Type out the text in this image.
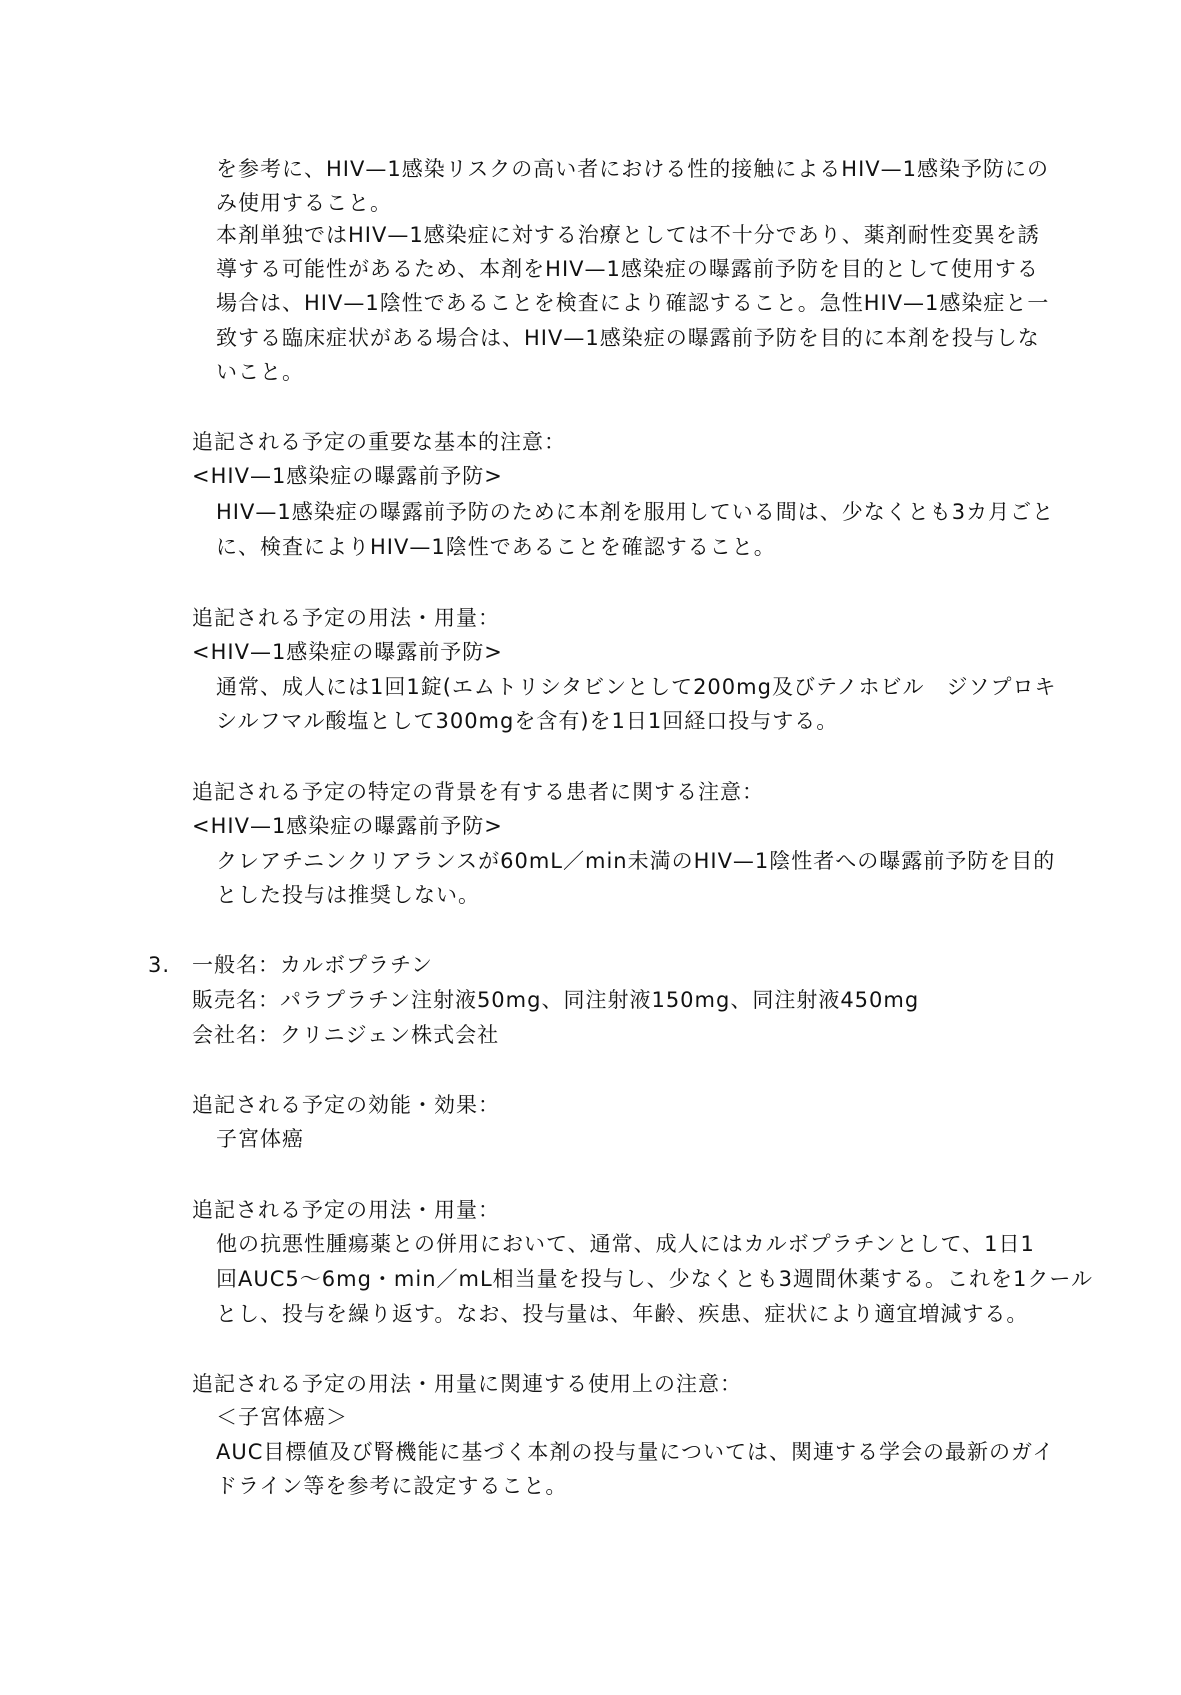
を参考に、HIV—1感染リスクの高い者における性的接触によるHIV—1感染予防にの
み使用すること。
本剤単独ではHIV—1感染症に対する治療としては不十分であり、薬剤耐性変異を誘
導する可能性があるため、本剤をHIV—1感染症の曝露前予防を目的として使用する
場合は、HIV—1陰性であることを検査により確認すること。急性HIV—1感染症と一
致する臨床症状がある場合は、HIV—1感染症の曝露前予防を目的に本剤を投与しな
いこと。
追記される予定の重要な基本的注意：
<HIV—1感染症の曝露前予防>
HIV—1感染症の曝露前予防のために本剤を服用している間は、少なくとも3カ月ごと
に、検査によりHIV—1陰性であることを確認すること。
追記される予定の用法・用量：
<HIV—1感染症の曝露前予防>
通常、成人には1回1錠(エムトリシタビンとして200mg及びテノホビル　ジソプロキ
シルフマル酸塩として300mgを含有)を1日1回経口投与する。
追記される予定の特定の背景を有する患者に関する注意：
<HIV—1感染症の曝露前予防>
クレアチニンクリアランスが60mL／min未満のHIV—1陰性者への曝露前予防を目的
とした投与は推奨しない。
3. 一般名：カルボプラチン
販売名：パラプラチン注射液50mg、同注射液150mg、同注射液450mg
会社名：クリニジェン株式会社
追記される予定の効能・効果：
子宮体癌
追記される予定の用法・用量：
他の抗悪性腫瘍薬との併用において、通常、成人にはカルボプラチンとして、1日1
回AUC5～6mg・min／mL相当量を投与し、少なくとも3週間休薬する。これを1クール
とし、投与を繰り返す。なお、投与量は、年齢、疾患、症状により適宜増減する。
追記される予定の用法・用量に関連する使用上の注意：
＜子宮体癌＞
AUC目標値及び腎機能に基づく本剤の投与量については、関連する学会の最新のガイ
ドライン等を参考に設定すること。
